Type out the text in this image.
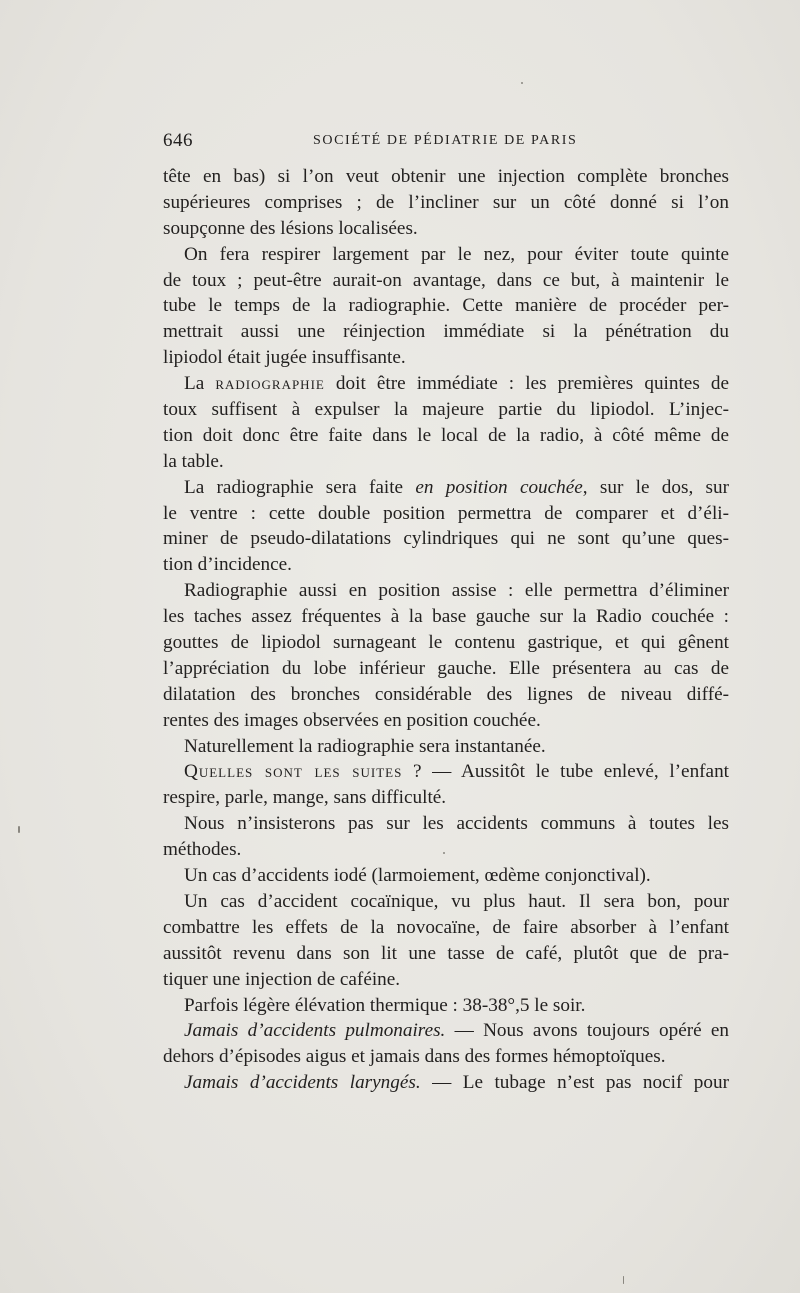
646	SOCIÉTÉ DE PÉDIATRIE DE PARIS
tête en bas) si l’on veut obtenir une injection complète bronches
supérieures comprises ; de l’incliner sur un côté donné si l’on
soupçonne des lésions localisées.
On fera respirer largement par le nez, pour éviter toute quinte
de toux ; peut-être aurait-on avantage, dans ce but, à maintenir le
tube le temps de la radiographie. Cette manière de procéder per-
mettrait aussi une réinjection immédiate si la pénétration du
lipiodol était jugée insuffisante.
La radiographie doit être immédiate : les premières quintes de
toux suffisent à expulser la majeure partie du lipiodol. L’injec-
tion doit donc être faite dans le local de la radio, à côté même de
la table.
La radiographie sera faite en position couchée, sur le dos, sur
le ventre : cette double position permettra de comparer et d’éli-
miner de pseudo-dilatations cylindriques qui ne sont qu’une ques-
tion d’incidence.
Radiographie aussi en position assise : elle permettra d’éliminer
les taches assez fréquentes à la base gauche sur la Radio couchée :
gouttes de lipiodol surnageant le contenu gastrique, et qui gênent
l’appréciation du lobe inférieur gauche. Elle présentera au cas de
dilatation des bronches considérable des lignes de niveau diffé-
rentes des images observées en position couchée.
Naturellement la radiographie sera instantanée.
Quelles sont les suites ? — Aussitôt le tube enlevé, l’enfant
respire, parle, mange, sans difficulté.
Nous n’insisterons pas sur les accidents communs à toutes les
méthodes.
Un cas d’accidents iodé (larmoiement, œdème conjonctival).
Un cas d’accident cocaïnique, vu plus haut. Il sera bon, pour
combattre les effets de la novocaïne, de faire absorber à l’enfant
aussitôt revenu dans son lit une tasse de café, plutôt que de pra-
tiquer une injection de caféine.
Parfois légère élévation thermique : 38-38°,5 le soir.
Jamais d’accidents pulmonaires. — Nous avons toujours opéré en
dehors d’épisodes aigus et jamais dans des formes hémoptoïques.
Jamais d’accidents laryngés. — Le tubage n’est pas nocif pour
